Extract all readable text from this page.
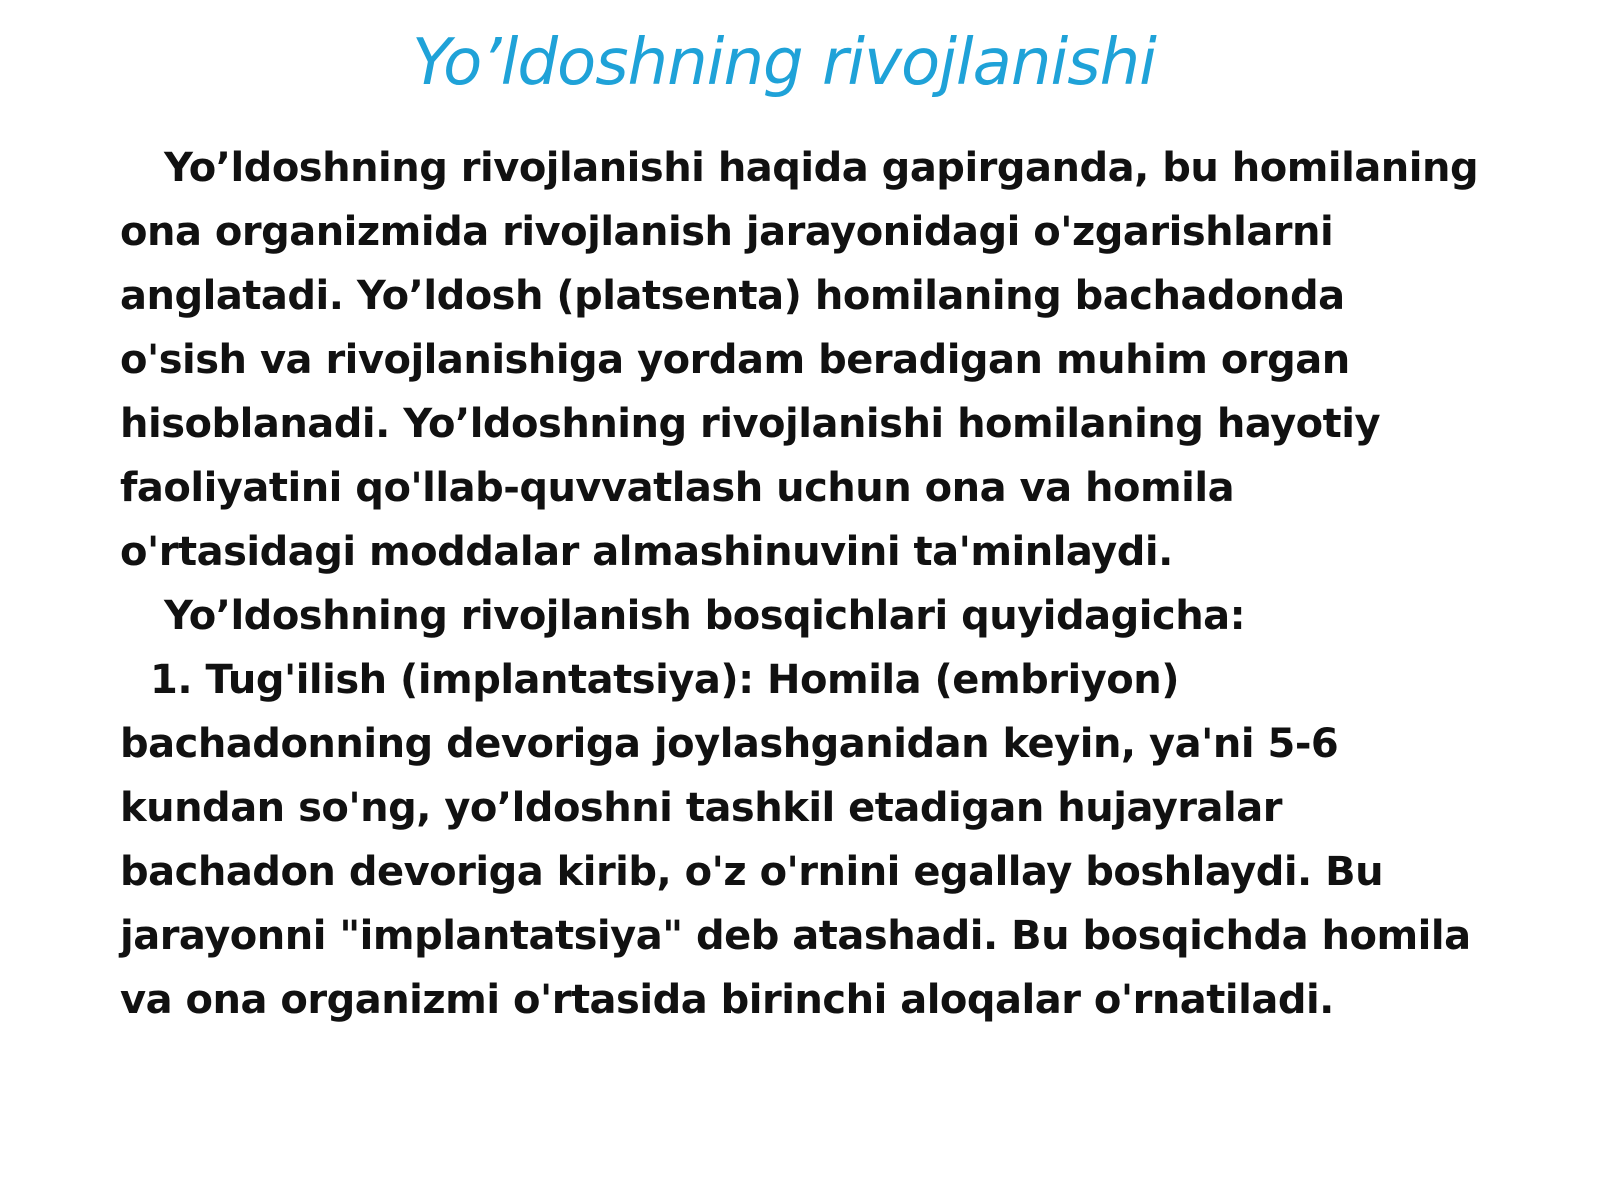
Yo’ldoshning rivojlanishi

Yo’ldoshning rivojlanishi haqida gapirganda, bu homilaning ona organizmida rivojlanish jarayonidagi o'zgarishlarni anglatadi. Yo’ldosh (platsenta) homilaning bachadonda o'sish va rivojlanishiga yordam beradigan muhim organ hisoblanadi. Yo’ldoshning rivojlanishi homilaning hayotiy faoliyatini qo'llab-quvvatlash uchun ona va homila o'rtasidagi moddalar almashinuvini ta'minlaydi.

Yo’ldoshning rivojlanish bosqichlari quyidagicha:

1. Tug'ilish (implantatsiya): Homila (embriyon) bachadonning devoriga joylashganidan keyin, ya'ni 5-6 kundan so'ng, yo’ldoshni tashkil etadigan hujayralar bachadon devoriga kirib, o'z o'rnini egallay boshlaydi. Bu jarayonni "implantatsiya" deb atashadi. Bu bosqichda homila va ona organizmi o'rtasida birinchi aloqalar o'rnatiladi.
